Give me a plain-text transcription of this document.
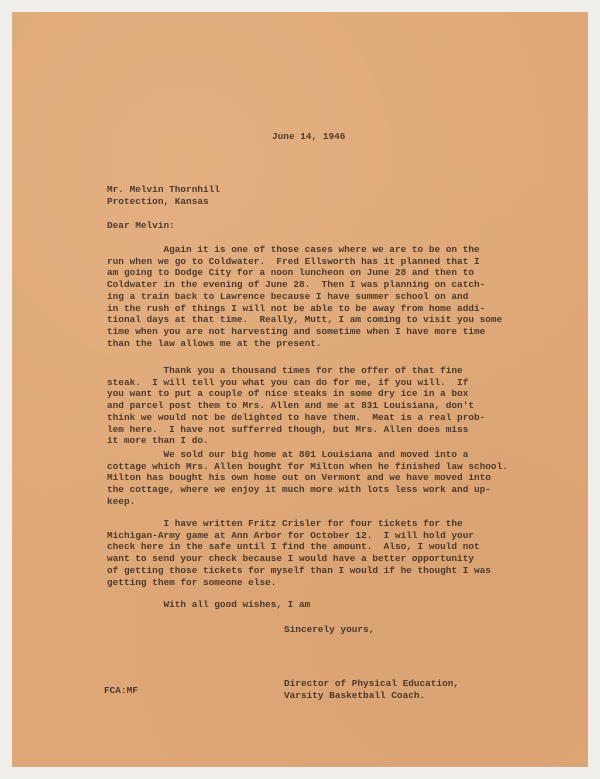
June 14, 1946
Mr. Melvin Thornhill
Protection, Kansas
Dear Melvin:
Again it is one of those cases where we are to be on the
run when we go to Coldwater.  Fred Ellsworth has it planned that I
am going to Dodge City for a noon luncheon on June 28 and then to
Coldwater in the evening of June 28.  Then I was planning on catch-
ing a train back to Lawrence because I have summer school on and
in the rush of things I will not be able to be away from home addi-
tional days at that time.  Really, Mutt, I am coming to visit you some
time when you are not harvesting and sometime when I have more time
than the law allows me at the present.
Thank you a thousand times for the offer of that fine
steak.  I will tell you what you can do for me, if you will.  If
you want to put a couple of nice steaks in some dry ice in a box
and parcel post them to Mrs. Allen and me at 831 Louisiana, don't
think we would not be delighted to have them.  Meat is a real prob-
lem here.  I have not sufferred though, but Mrs. Allen does miss
it more than I do.
We sold our big home at 801 Louisiana and moved into a
cottage which Mrs. Allen bought for Milton when he finished law school.
Milton has bought his own home out on Vermont and we have moved into
the cottage, where we enjoy it much more with lots less work and up-
keep.
I have written Fritz Crisler for four tickets for the
Michigan-Army game at Ann Arbor for October 12.  I will hold your
check here in the safe until I find the amount.  Also, I would not
want to send your check because I would have a better opportunity
of getting those tickets for myself than I would if he thought I was
getting them for someone else.
With all good wishes, I am
Sincerely yours,
Director of Physical Education,
Varsity Basketball Coach.
FCA:MF
